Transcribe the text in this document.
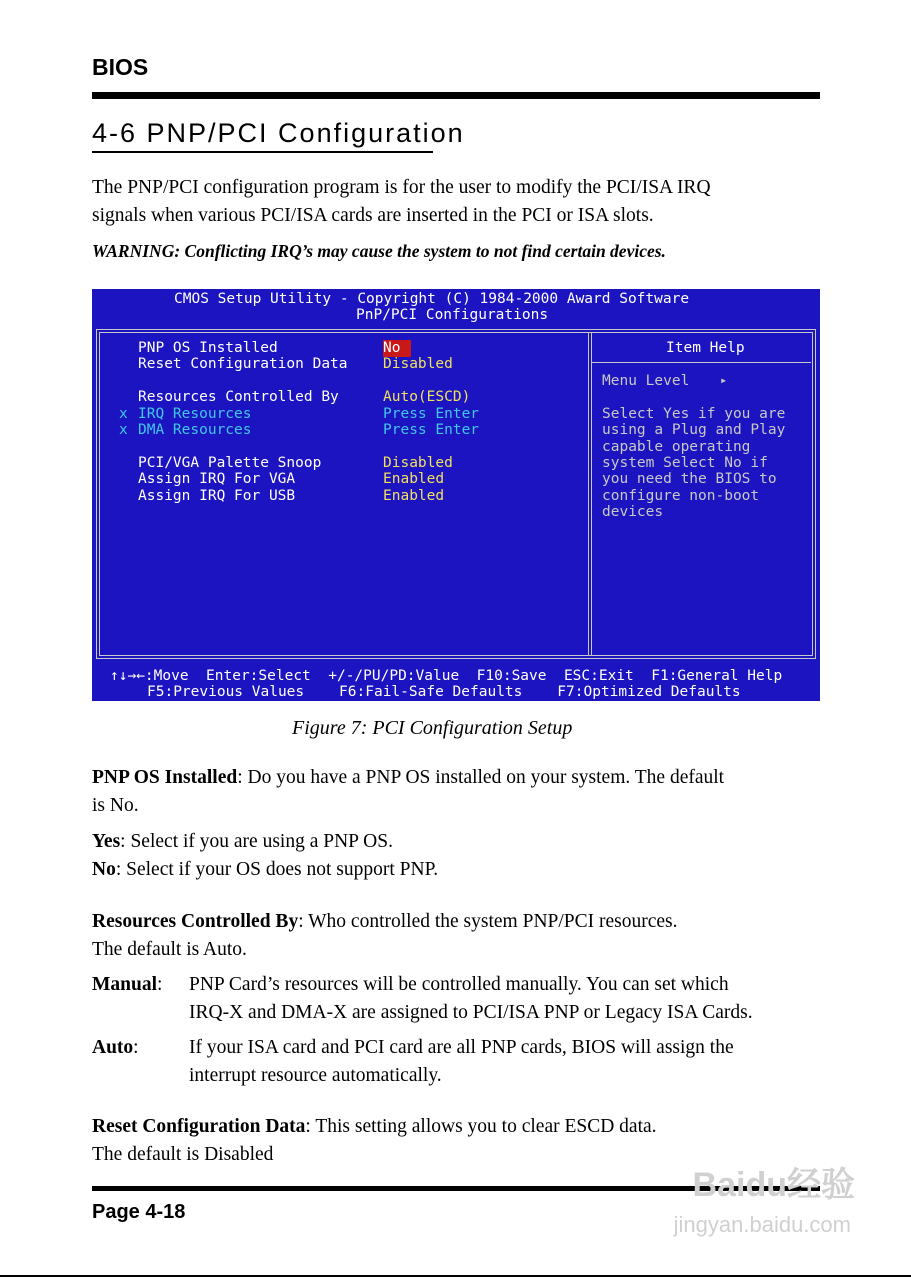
BIOS
4-6 PNP/PCI Configuration
The PNP/PCI configuration program is for the user to modify the PCI/ISA IRQ
signals when various PCI/ISA cards are inserted in the PCI or ISA slots.
WARNING: Conflicting IRQ’s may cause the system to not find certain devices.
CMOS Setup Utility - Copyright (C) 1984-2000 Award Software
PnP/PCI Configurations
PNP OS Installed	No
Reset Configuration Data Disabled
Resources Controlled By	Auto(ESCD)
x IRQ Resources	Press Enter
x DMA Resources	Press Enter
PCI/VGA Palette Snoop	Disabled
Assign IRQ For VGA	Enabled
Assign IRQ For USB	Enabled
Item Help
Menu Level	▸
Select Yes if you are
using a Plug and Play
capable operating
system Select No if
you need the BIOS to
configure non-boot
devices
↑↓→←:Move  Enter:Select  +/-/PU/PD:Value  F10:Save  ESC:Exit  F1:General Help
F5:Previous Values    F6:Fail-Safe Defaults    F7:Optimized Defaults
Figure 7: PCI Configuration Setup
PNP OS Installed: Do you have a PNP OS installed on your system. The default
is No.
Yes: Select if you are using a PNP OS.
No: Select if your OS does not support PNP.
Resources Controlled By: Who controlled the system PNP/PCI resources.
The default is Auto.
Manual: PNP Card’s resources will be controlled manually. You can set which
IRQ-X and DMA-X are assigned to PCI/ISA PNP or Legacy ISA Cards.
Auto:	If your ISA card and PCI card are all PNP cards, BIOS will assign the
interrupt resource automatically.
Reset Configuration Data: This setting allows you to clear ESCD data.
The default is Disabled
Page 4-18
Baidu经验
jingyan.baidu.com
